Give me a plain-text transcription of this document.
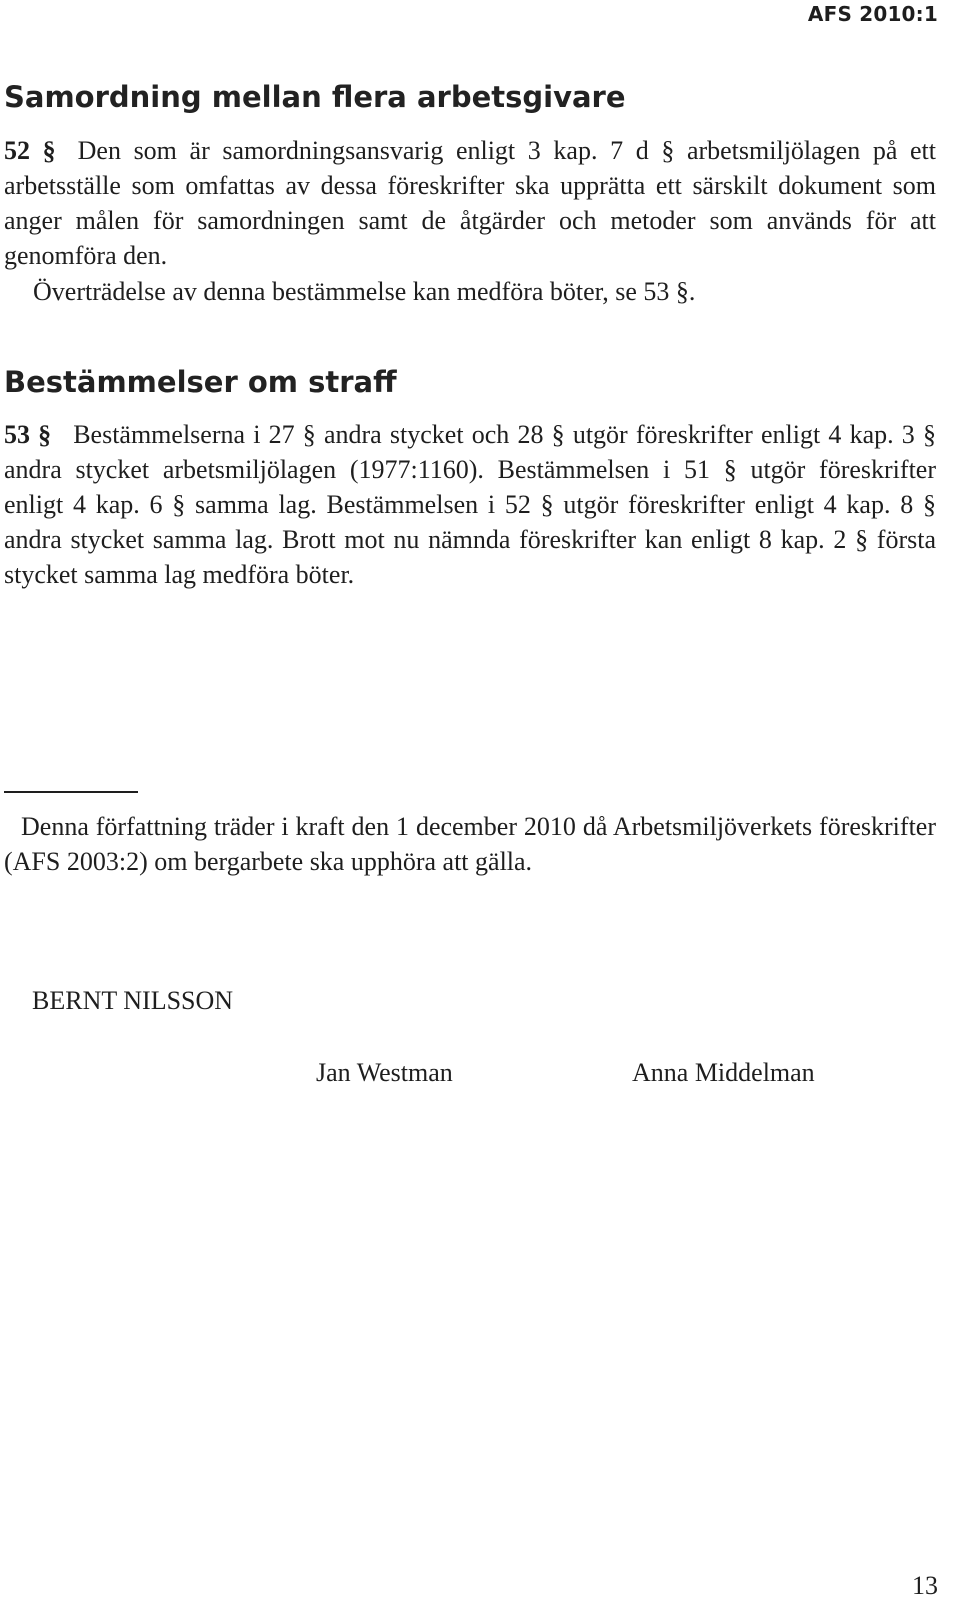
AFS 2010:1
Samordning mellan flera arbetsgivare

52 § Den som är samordningsansvarig enligt 3 kap. 7 d § arbetsmiljölagen på ett arbetsställe som omfattas av dessa föreskrifter ska upprätta ett särskilt dokument som anger målen för samordningen samt de åtgärder och metoder som används för att genomföra den.

Överträdelse av denna bestämmelse kan medföra böter, se 53 §.

Bestämmelser om straff

53 § Bestämmelserna i 27 § andra stycket och 28 § utgör föreskrifter enligt 4 kap. 3 § andra stycket arbetsmiljölagen (1977:1160). Bestämmelsen i 51 § utgör föreskrifter enligt 4 kap. 6 § samma lag. Bestämmelsen i 52 § utgör föreskrifter enligt 4 kap. 8 § andra stycket samma lag. Brott mot nu nämnda föreskrifter kan enligt 8 kap. 2 § första stycket samma lag medföra böter.

Denna författning träder i kraft den 1 december 2010 då Arbetsmiljöverkets föreskrifter (AFS 2003:2) om bergarbete ska upphöra att gälla.

BERNT NILSSON
Jan Westman	Anna Middelman
13
